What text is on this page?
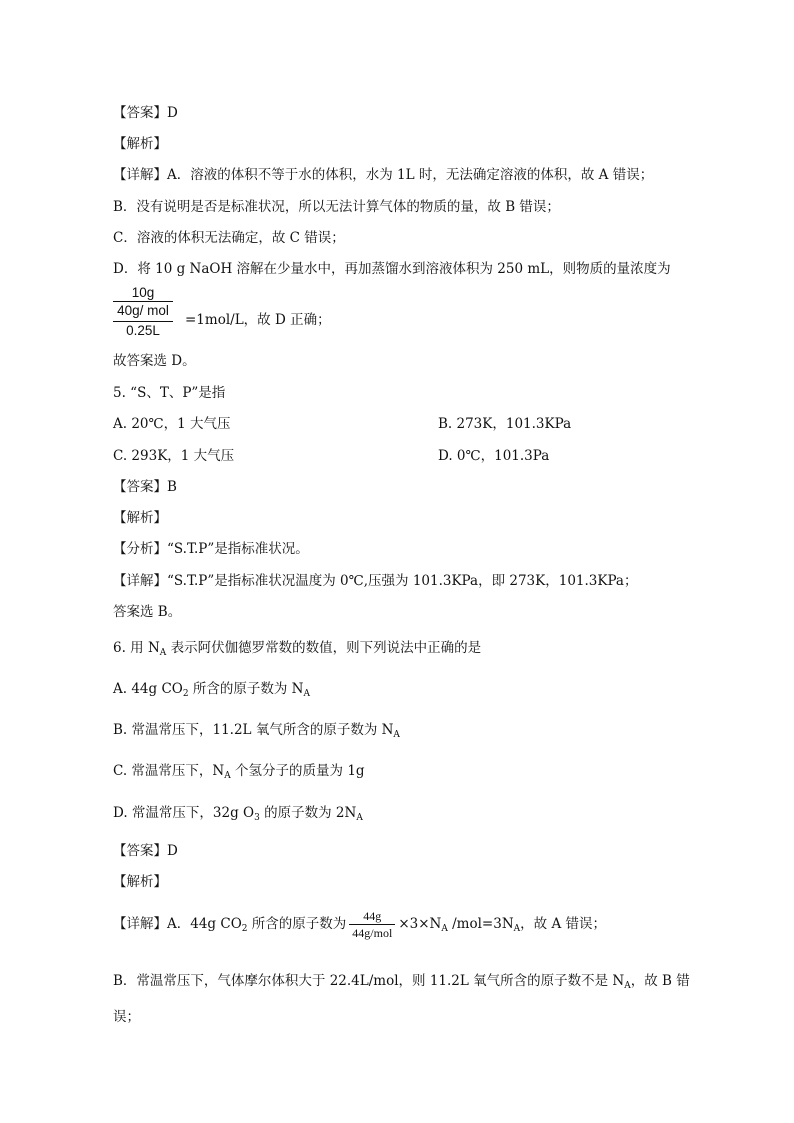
【答案】D
【解析】
【详解】A．溶液的体积不等于水的体积，水为 1L 时，无法确定溶液的体积，故 A 错误；
B．没有说明是否是标准状况，所以无法计算气体的物质的量，故 B 错误；
C．溶液的体积无法确定，故 C 错误；
D．将 10 g NaOH 溶解在少量水中，再加蒸馏水到溶液体积为 250 mL，则物质的量浓度为
10g
40g/ mol
0.25L
=1mol/L，故 D 正确；
故答案选 D。
5. “S、T、P”是指
A. 20℃，1 大气压	B. 273K，101.3KPa
C. 293K，1 大气压	D. 0℃，101.3Pa
【答案】B
【解析】
【分析】“S.T.P”是指标准状况。
【详解】“S.T.P”是指标准状况温度为 0℃,压强为 101.3KPa，即 273K，101.3KPa；
答案选 B。
6. 用 $N_A$ 表示阿伏伽德罗常数的数值，则下列说法中正确的是
A. 44g $CO_2$ 所含的原子数为 $N_A$
B. 常温常压下，11.2L 氧气所含的原子数为 $N_A$
C. 常温常压下，$N_A$ 个氢分子的质量为 1g
D. 常温常压下，32g $O_3$ 的原子数为 $2N_A$
【答案】D
【解析】
【详解】A．44g $CO_2$ 所含的原子数为 $\frac{44g}{\text{44g/mol}} \times 3\times N_A$ $/mol=3N_A$，故 A 错误；
B．常温常压下，气体摩尔体积大于 22.4L/mol，则 11.2L 氧气所含的原子数不是 $N_A$，故 B 错
误；
